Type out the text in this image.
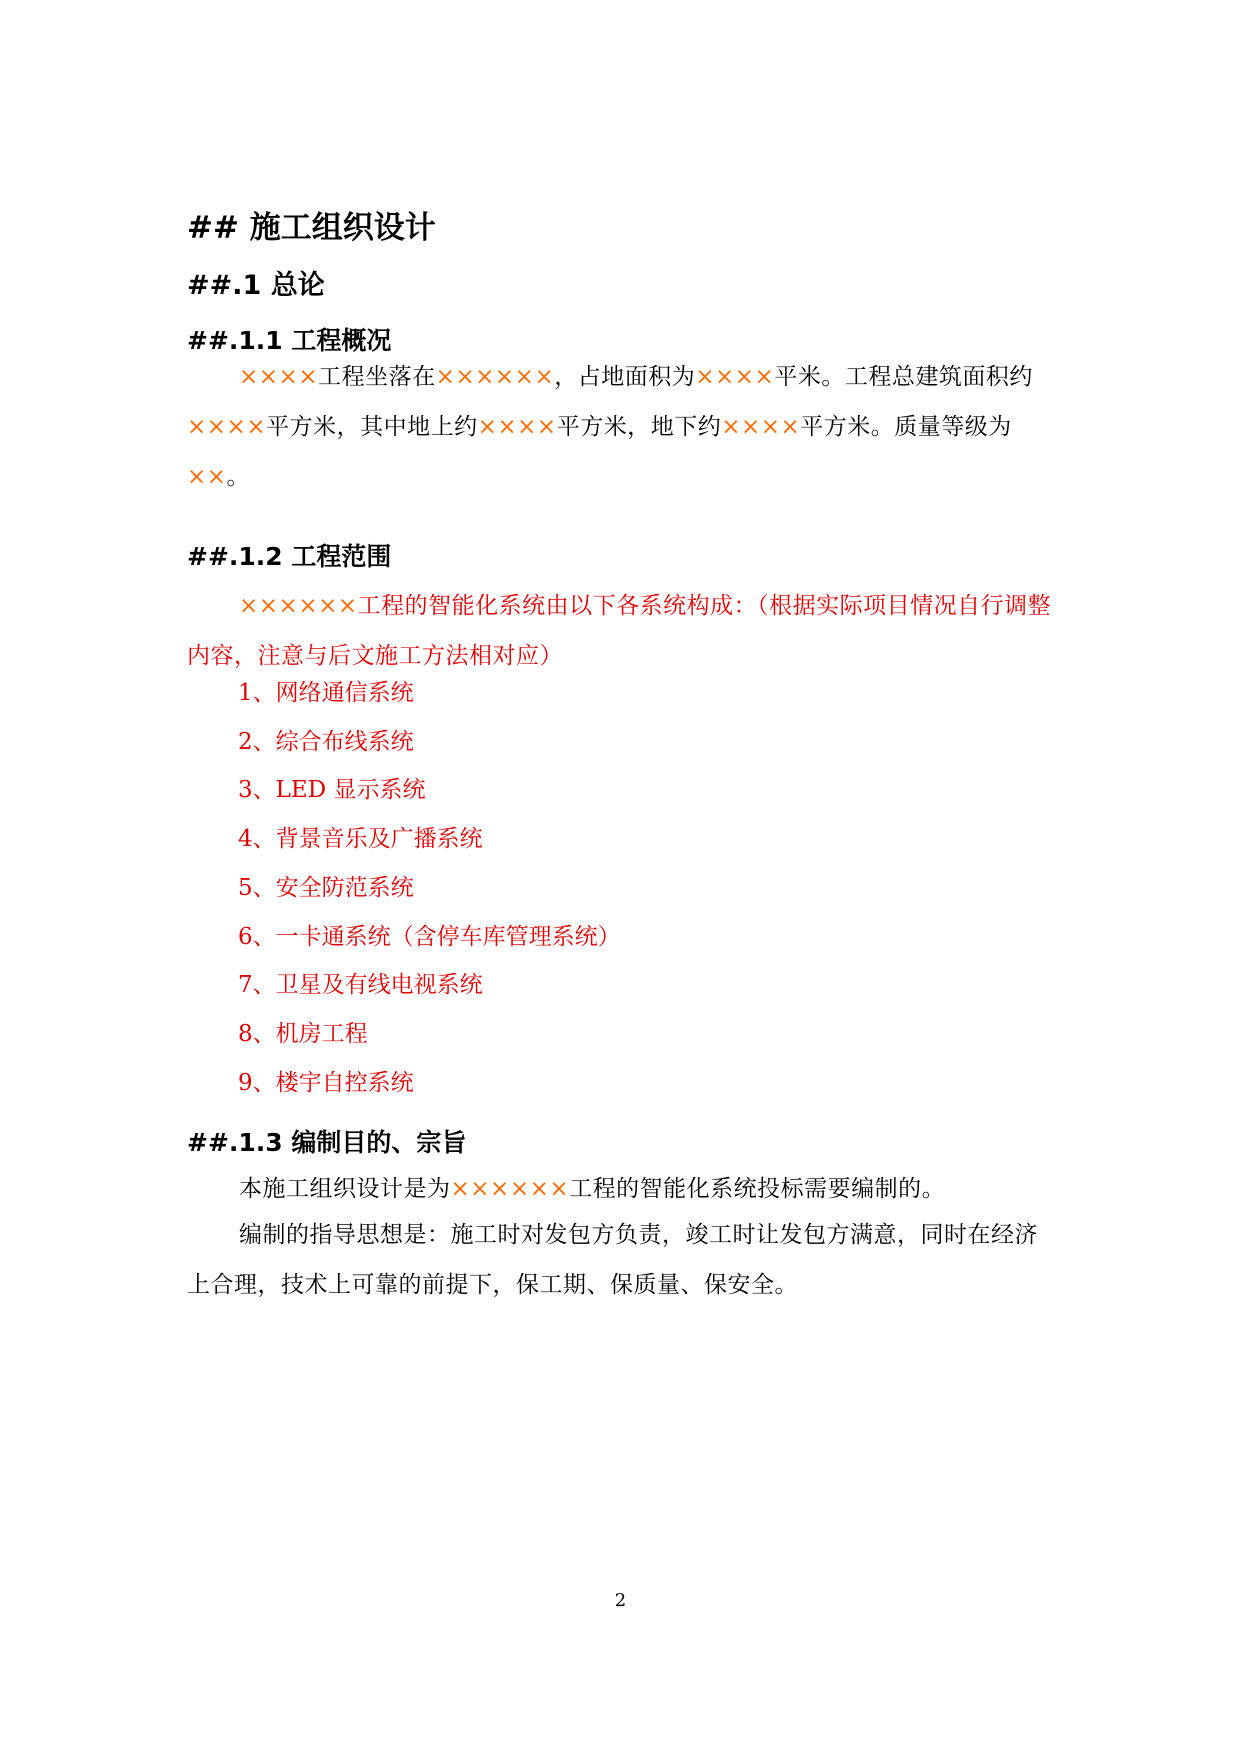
## 施工组织设计
##.1 总论
##.1.1 工程概况
××××工程坐落在××××××，占地面积为××××平米。工程总建筑面积约××××平方米，其中地上约××××平方米，地下约××××平方米。质量等级为××。
##.1.2 工程范围
××××××工程的智能化系统由以下各系统构成：（根据实际项目情况自行调整内容，注意与后文施工方法相对应）
1、网络通信系统
2、综合布线系统
3、LED 显示系统
4、背景音乐及广播系统
5、安全防范系统
6、一卡通系统（含停车库管理系统）
7、卫星及有线电视系统
8、机房工程
9、楼宇自控系统
##.1.3 编制目的、宗旨
本施工组织设计是为××××××工程的智能化系统投标需要编制的。
编制的指导思想是：施工时对发包方负责，竣工时让发包方满意，同时在经济上合理，技术上可靠的前提下，保工期、保质量、保安全。
2
